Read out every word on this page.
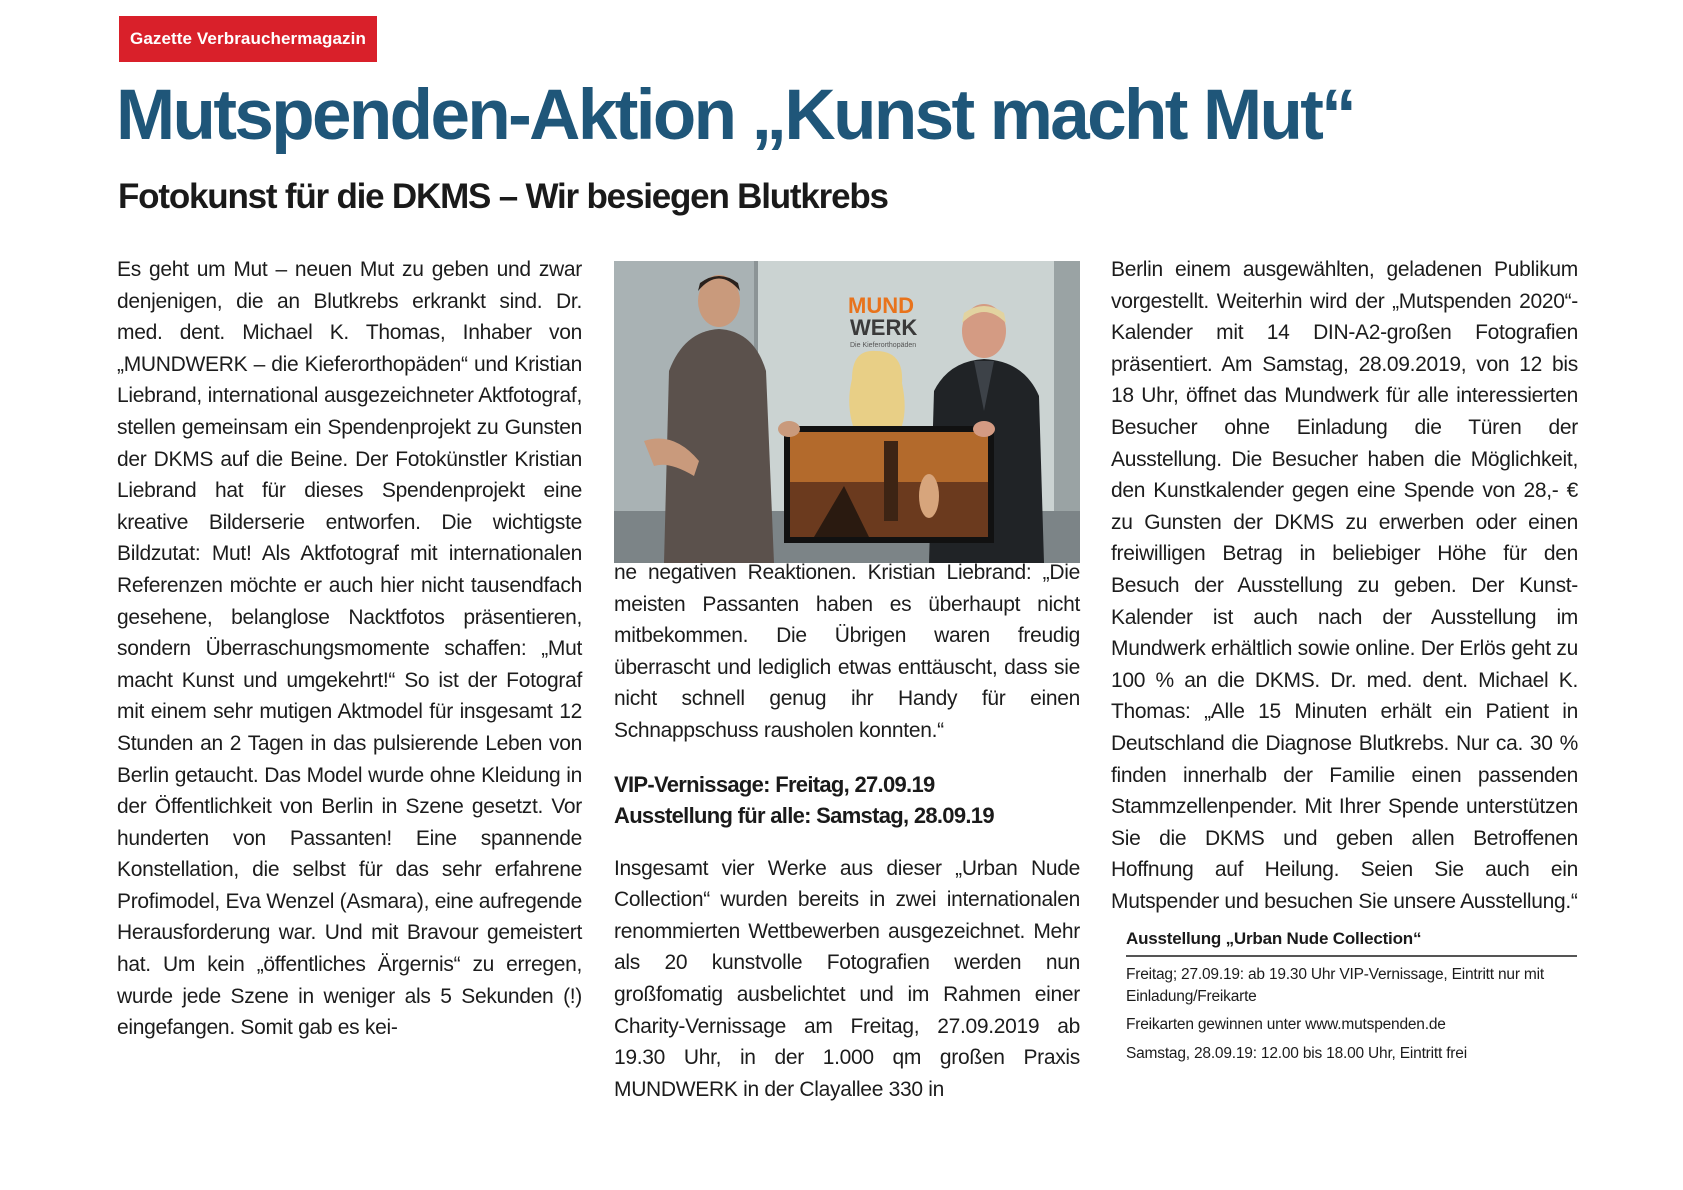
Gazette Verbrauchermagazin
Mutspenden-Aktion „Kunst macht Mut“
Fotokunst für die DKMS – Wir besiegen Blutkrebs

Es geht um Mut – neuen Mut zu geben und zwar denjenigen, die an Blutkrebs erkrankt sind. Dr. med. dent. Michael K. Thomas, Inhaber von „MUNDWERK – die Kieferorthopäden“ und Kristian Liebrand, international ausgezeichneter Aktfotograf, stellen gemeinsam ein Spendenprojekt zu Gunsten der DKMS auf die Beine. Der Fotokünstler Kristian Liebrand hat für dieses Spendenprojekt eine kreative Bilderserie entworfen. Die wichtigste Bildzutat: Mut! Als Aktfotograf mit internationalen Referenzen möchte er auch hier nicht tausendfach gesehene, belanglose Nacktfotos präsentieren, sondern Überraschungsmomente schaffen: „Mut macht Kunst und umgekehrt!“ So ist der Fotograf mit einem sehr mutigen Aktmodel für insgesamt 12 Stunden an 2 Tagen in das pulsierende Leben von Berlin getaucht. Das Model wurde ohne Kleidung in der Öffentlichkeit von Berlin in Szene gesetzt. Vor hunderten von Passanten! Eine spannende Konstellation, die selbst für das sehr erfahrene Profimodel, Eva Wenzel (Asmara), eine aufregende Herausforderung war. Und mit Bravour gemeistert hat. Um kein „öffentliches Ärgernis“ zu erregen, wurde jede Szene in weniger als 5 Sekunden (!) eingefangen. Somit gab es kei-

MUND
WERK
Die Kieferorthopäden

ne negativen Reaktionen. Kristian Liebrand: „Die meisten Passanten haben es überhaupt nicht mitbekommen. Die Übrigen waren freudig überrascht und lediglich etwas enttäuscht, dass sie nicht schnell genug ihr Handy für einen Schnappschuss rausholen konnten.“

VIP-Vernissage: Freitag, 27.09.19
Ausstellung für alle: Samstag, 28.09.19

Insgesamt vier Werke aus dieser „Urban Nude Collection“ wurden bereits in zwei internationalen renommierten Wettbewerben ausgezeichnet. Mehr als 20 kunstvolle Fotografien werden nun großfomatig ausbelichtet und im Rahmen einer Charity-Vernissage am Freitag, 27.09.2019 ab 19.30 Uhr, in der 1.000 qm großen Praxis MUNDWERK in der Clayallee 330 in

Berlin einem ausgewählten, geladenen Publikum vorgestellt. Weiterhin wird der „Mutspenden 2020“-Kalender mit 14 DIN-A2-großen Fotografien präsentiert. Am Samstag, 28.09.2019, von 12 bis 18 Uhr, öffnet das Mundwerk für alle interessierten Besucher ohne Einladung die Türen der Ausstellung. Die Besucher haben die Möglichkeit, den Kunstkalender gegen eine Spende von 28,- € zu Gunsten der DKMS zu erwerben oder einen freiwilligen Betrag in beliebiger Höhe für den Besuch der Ausstellung zu geben. Der Kunst-Kalender ist auch nach der Ausstellung im Mundwerk erhältlich sowie online. Der Erlös geht zu 100 % an die DKMS. Dr. med. dent. Michael K. Thomas: „Alle 15 Minuten erhält ein Patient in Deutschland die Diagnose Blutkrebs. Nur ca. 30 % finden innerhalb der Familie einen passenden Stammzellenpender. Mit Ihrer Spende unterstützen Sie die DKMS und geben allen Betroffenen Hoffnung auf Heilung. Seien Sie auch ein Mutspender und besuchen Sie unsere Ausstellung.“

Ausstellung „Urban Nude Collection“
Freitag; 27.09.19: ab 19.30 Uhr VIP-Vernissage, Eintritt nur mit Einladung/Freikarte
Freikarten gewinnen unter www.mutspenden.de
Samstag, 28.09.19: 12.00 bis 18.00 Uhr, Eintritt frei
